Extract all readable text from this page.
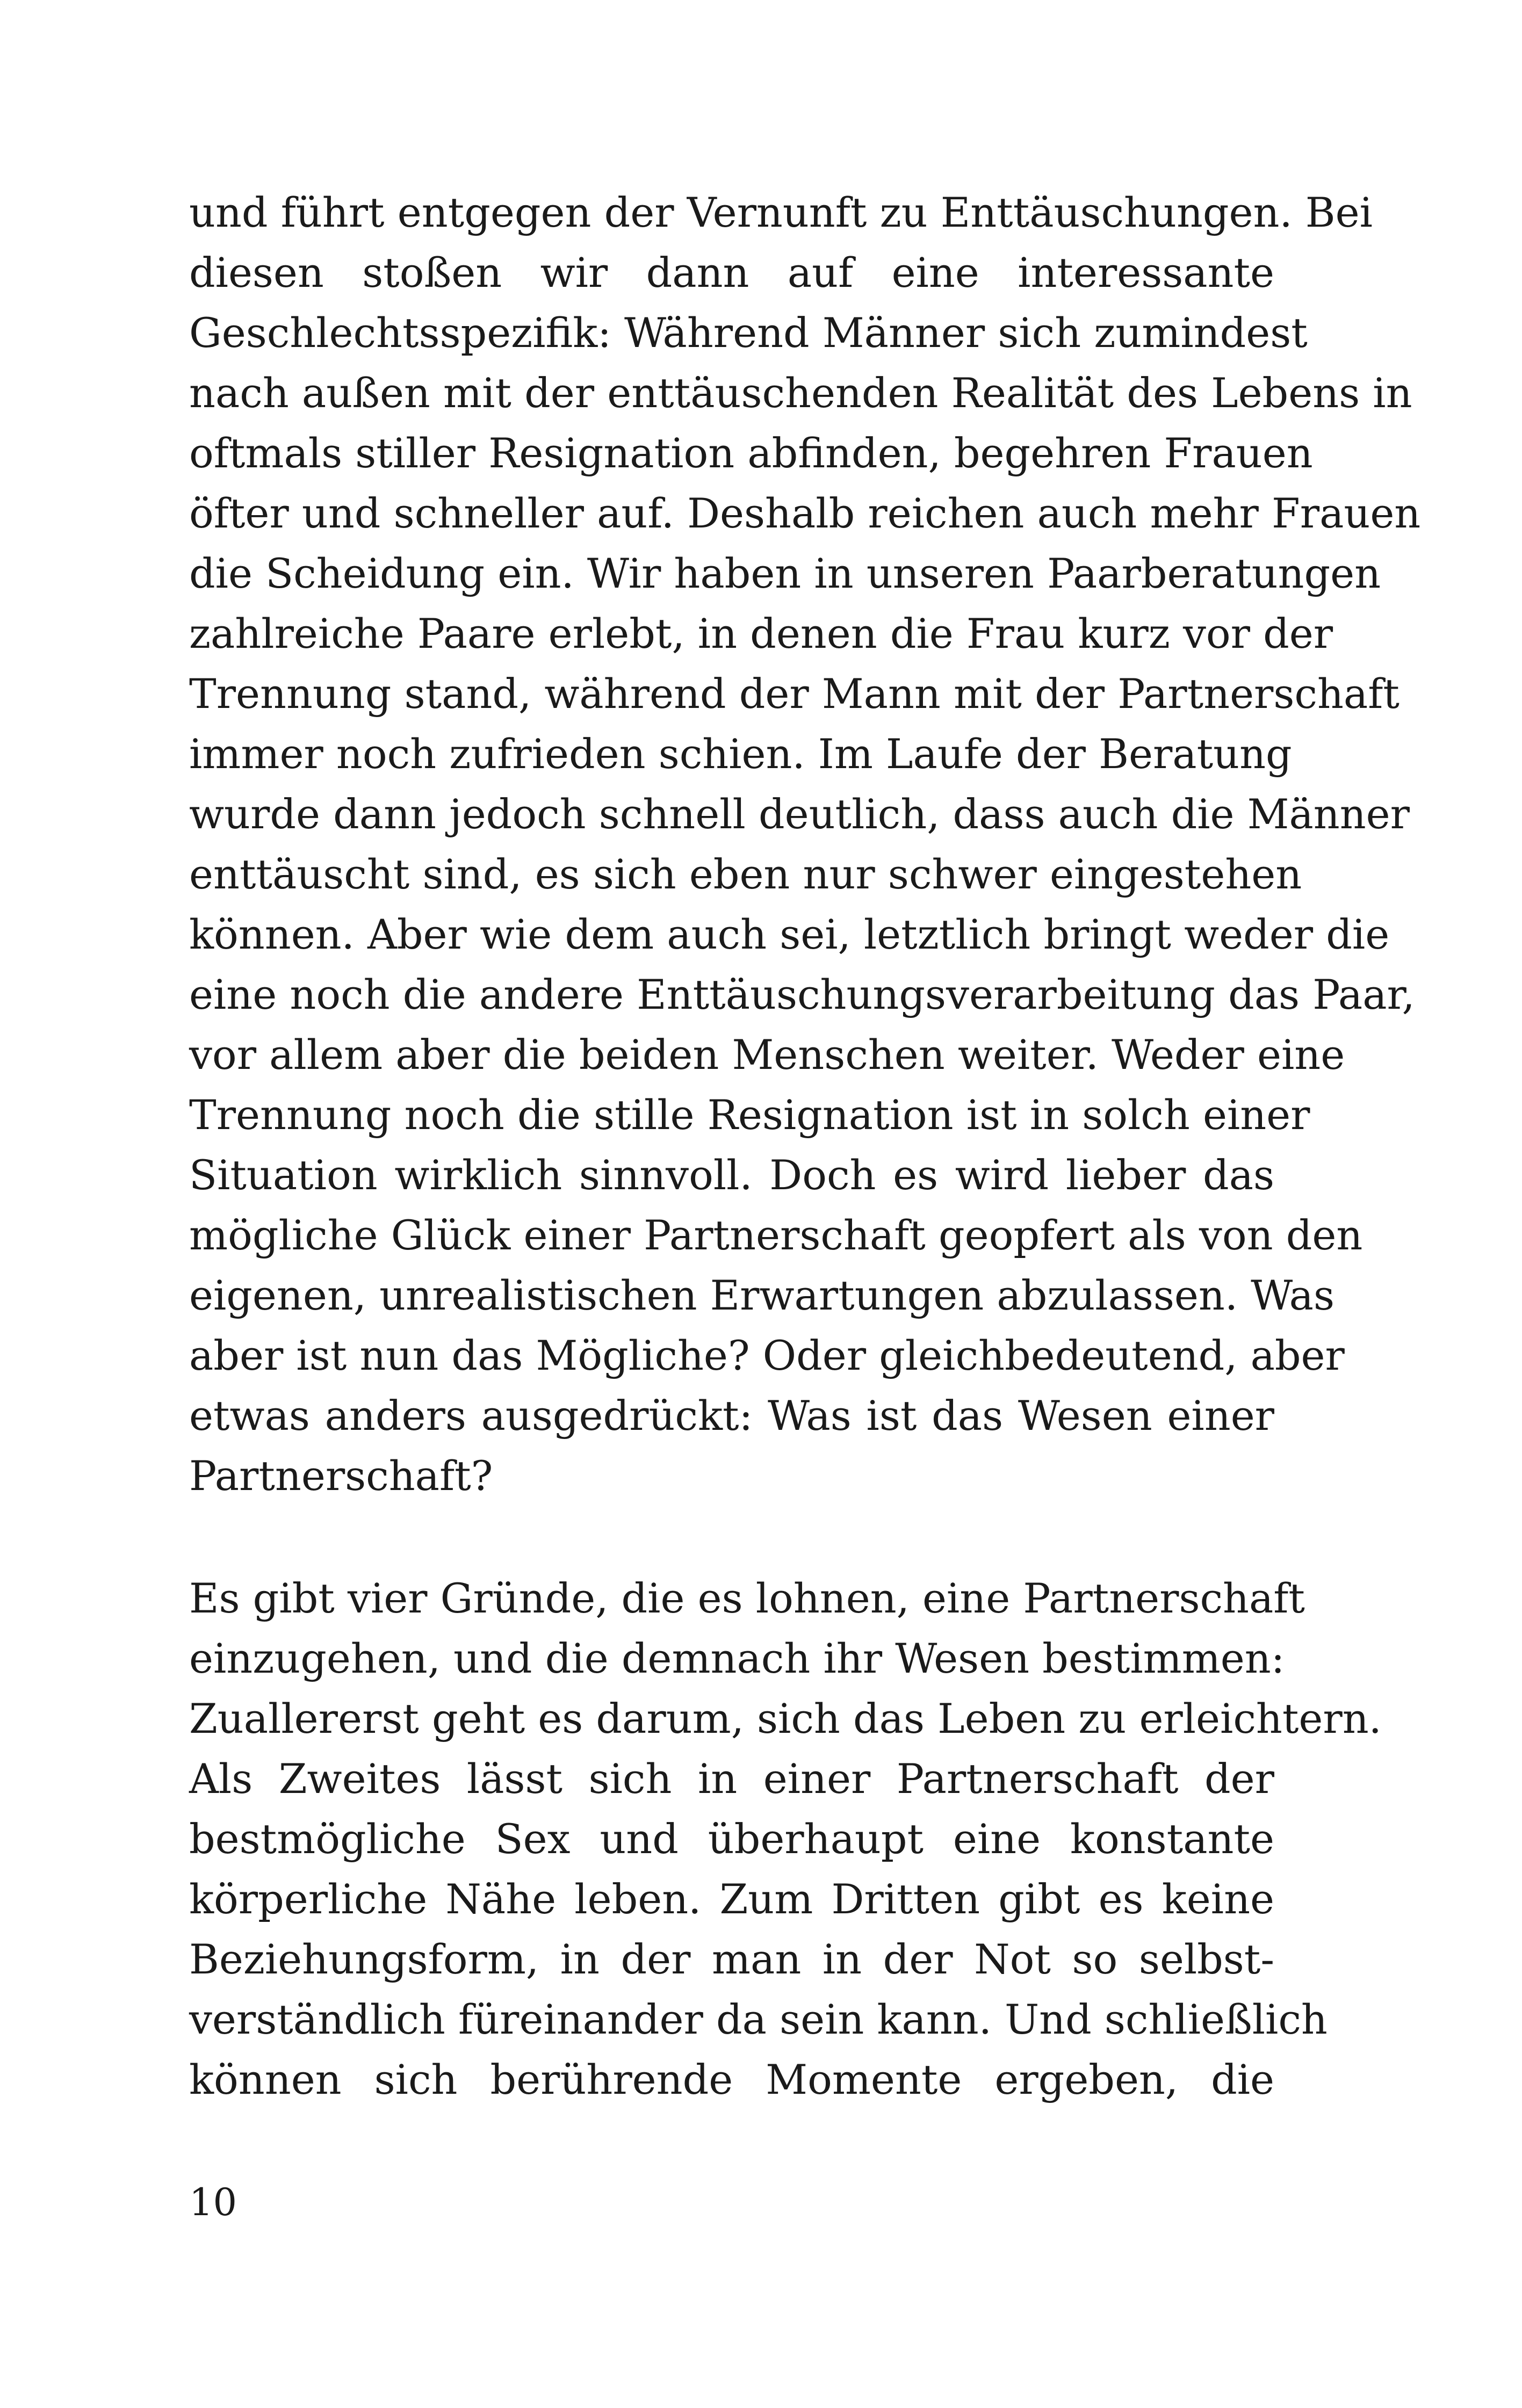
und führt entgegen der Vernunft zu Enttäuschungen. Bei
diesen stoßen wir dann auf eine interessante
Geschlechtsspezifik: Während Männer sich zumindest
nach außen mit der enttäuschenden Realität des Lebens in
oftmals stiller Resignation abfinden, begehren Frauen
öfter und schneller auf. Deshalb reichen auch mehr Frauen
die Scheidung ein. Wir haben in unseren Paarberatungen
zahlreiche Paare erlebt, in denen die Frau kurz vor der
Trennung stand, während der Mann mit der Partnerschaft
immer noch zufrieden schien. Im Laufe der Beratung
wurde dann jedoch schnell deutlich, dass auch die Männer
enttäuscht sind, es sich eben nur schwer eingestehen
können. Aber wie dem auch sei, letztlich bringt weder die
eine noch die andere Enttäuschungsverarbeitung das Paar,
vor allem aber die beiden Menschen weiter. Weder eine
Trennung noch die stille Resignation ist in solch einer
Situation wirklich sinnvoll. Doch es wird lieber das
mögliche Glück einer Partnerschaft geopfert als von den
eigenen, unrealistischen Erwartungen abzulassen. Was
aber ist nun das Mögliche? Oder gleichbedeutend, aber
etwas anders ausgedrückt: Was ist das Wesen einer
Partnerschaft?
Es gibt vier Gründe, die es lohnen, eine Partnerschaft
einzugehen, und die demnach ihr Wesen bestimmen:
Zuallererst geht es darum, sich das Leben zu erleichtern.
Als Zweites lässt sich in einer Partnerschaft der
bestmögliche Sex und überhaupt eine konstante
körperliche Nähe leben. Zum Dritten gibt es keine
Beziehungsform, in der man in der Not so selbst-
verständlich füreinander da sein kann. Und schließlich
können sich berührende Momente ergeben, die
10
